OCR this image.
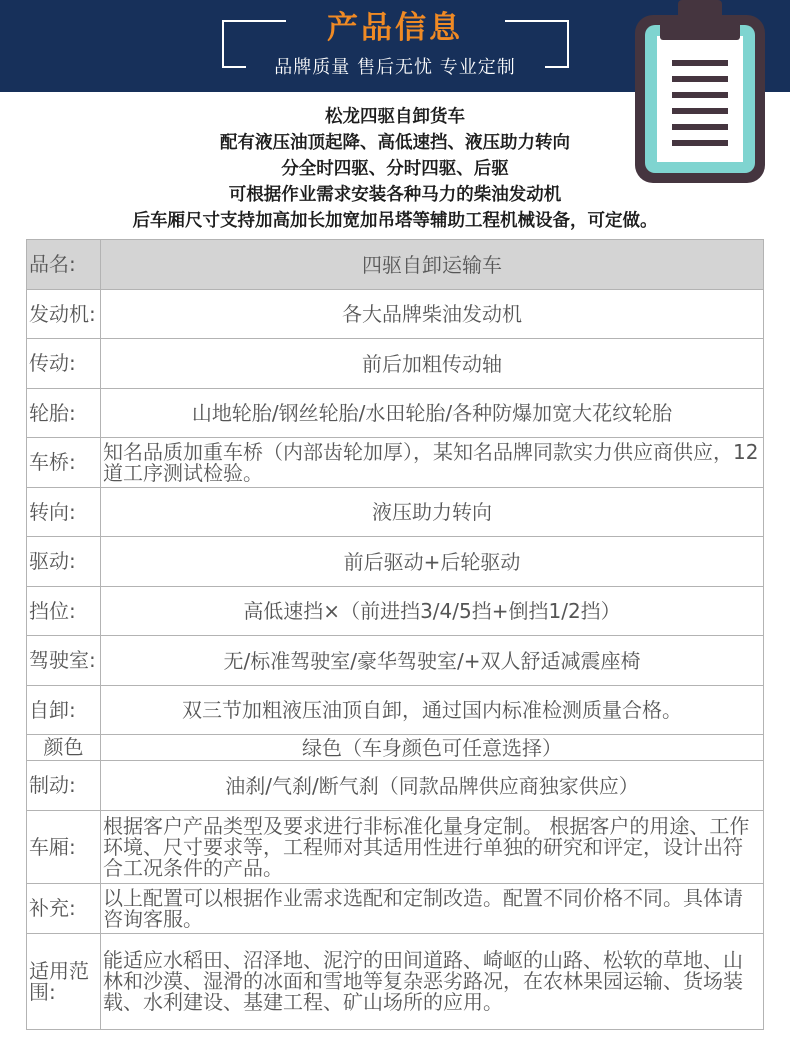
产品信息
品牌质量 售后无忧 专业定制
松龙四驱自卸货车
配有液压油顶起降、高低速挡、液压助力转向
分全时四驱、分时四驱、后驱
可根据作业需求安装各种马力的柴油发动机
后车厢尺寸支持加高加长加宽加吊塔等辅助工程机械设备，可定做。
品名:	四驱自卸运输车
发动机:	各大品牌柴油发动机
传动:	前后加粗传动轴
轮胎:	山地轮胎/钢丝轮胎/水田轮胎/各种防爆加宽大花纹轮胎
车桥:	知名品质加重车桥（内部齿轮加厚），某知名品牌同款实力供应商供应，12道工序测试检验。
转向:	液压助力转向
驱动:	前后驱动+后轮驱动
挡位:	高低速挡×（前进挡3/4/5挡+倒挡1/2挡）
驾驶室:	无/标准驾驶室/豪华驾驶室/+双人舒适减震座椅
自卸:	双三节加粗液压油顶自卸，通过国内标准检测质量合格。
颜色	绿色（车身颜色可任意选择）
制动:	油刹/气刹/断气刹（同款品牌供应商独家供应）
车厢:	根据客户产品类型及要求进行非标准化量身定制。 根据客户的用途、工作环境、尺寸要求等，工程师对其适用性进行单独的研究和评定，设计出符合工况条件的产品。
补充:	以上配置可以根据作业需求选配和定制改造。配置不同价格不同。具体请咨询客服。
适用范围:	能适应水稻田、沼泽地、泥泞的田间道路、崎岖的山路、松软的草地、山林和沙漠、湿滑的冰面和雪地等复杂恶劣路况，在农林果园运输、货场装载、水利建设、基建工程、矿山场所的应用。
